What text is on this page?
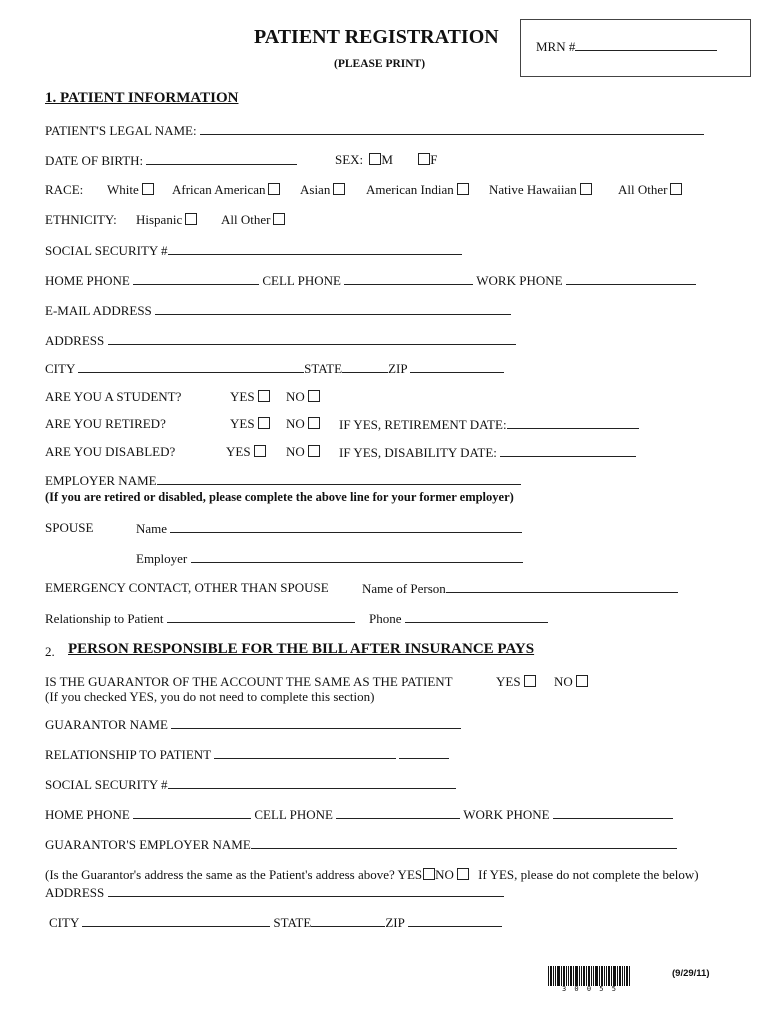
PATIENT REGISTRATION
(PLEASE PRINT)
MRN #
1. PATIENT INFORMATION
PATIENT'S LEGAL NAME:
DATE OF BIRTH:	SEX: M	F
RACE: White	African American	Asian	American Indian	Native Hawaiian	All Other
ETHNICITY: Hispanic	All Other
SOCIAL SECURITY #
HOME PHONE	CELL PHONE	WORK PHONE
E-MAIL ADDRESS
ADDRESS
CITY	STATE	ZIP
ARE YOU A STUDENT?	YES	NO
ARE YOU RETIRED?	YES	NO	IF YES, RETIREMENT DATE:
ARE YOU DISABLED?	YES	NO	IF YES, DISABILITY DATE:
EMPLOYER NAME
(If you are retired or disabled, please complete the above line for your former employer)
SPOUSE	Name
Employer
EMERGENCY CONTACT, OTHER THAN SPOUSE	Name of Person
Relationship to Patient	Phone
2. PERSON RESPONSIBLE FOR THE BILL AFTER INSURANCE PAYS
IS THE GUARANTOR OF THE ACCOUNT THE SAME AS THE PATIENT	YES	NO
(If you checked YES, you do not need to complete this section)
GUARANTOR NAME
RELATIONSHIP TO PATIENT
SOCIAL SECURITY #
HOME PHONE	CELL PHONE	WORK PHONE
GUARANTOR'S EMPLOYER NAME
(Is the Guarantor's address the same as the Patient's address above? YES NO If YES, please do not complete the below)
ADDRESS
CITY	STATE	ZIP
3 0 0 5 5
(9/29/11)
